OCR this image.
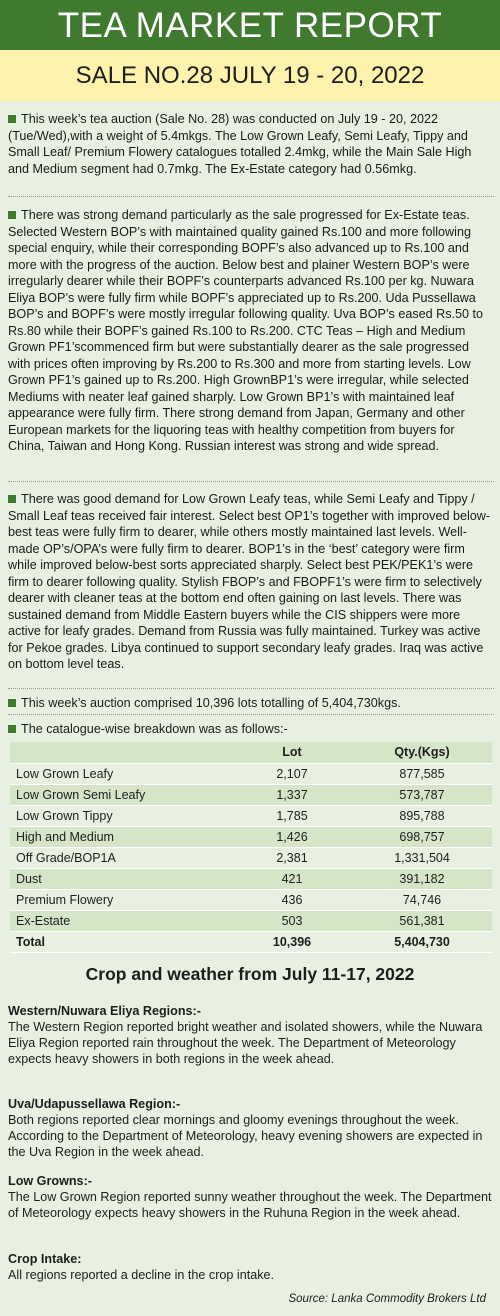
TEA MARKET REPORT
SALE NO.28 JULY 19 - 20, 2022
This week’s tea auction (Sale No. 28) was conducted on July 19 - 20, 2022 (Tue/Wed),with a weight of 5.4mkgs. The Low Grown Leafy, Semi Leafy, Tippy and Small Leaf/ Premium Flowery catalogues totalled 2.4mkg, while the Main Sale High and Medium segment had 0.7mkg. The Ex-Estate category had 0.56mkg.
There was strong demand particularly as the sale progressed for Ex-Estate teas. Selected Western BOP’s with maintained quality gained Rs.100 and more following special enquiry, while their corresponding BOPF’s also advanced up to Rs.100 and more with the progress of the auction. Below best and plainer Western BOP’s were irregularly dearer while their BOPF’s counterparts advanced Rs.100 per kg. Nuwara Eliya BOP’s were fully firm while BOPF’s appreciated up to Rs.200. Uda Pussellawa BOP’s and BOPF’s were mostly irregular following quality. Uva BOP’s eased Rs.50 to Rs.80 while their BOPF’s gained Rs.100 to Rs.200. CTC Teas – High and Medium Grown PF1’scommenced firm but were substantially dearer as the sale progressed with prices often improving by Rs.200 to Rs.300 and more from starting levels. Low Grown PF1’s gained up to Rs.200. High GrownBP1’s were irregular, while selected Mediums with neater leaf gained sharply. Low Grown BP1’s with maintained leaf appearance were fully firm. There strong demand from Japan, Germany and other European markets for the liquoring teas with healthy competition from buyers for China, Taiwan and Hong Kong. Russian interest was strong and wide spread.
There was good demand for Low Grown Leafy teas, while Semi Leafy and Tippy / Small Leaf teas received fair interest. Select best OP1’s together with improved below-best teas were fully firm to dearer, while others mostly maintained last levels. Well-made OP’s/OPA’s were fully firm to dearer. BOP1’s in the ‘best’ category were firm while improved below-best sorts appreciated sharply. Select best PEK/PEK1’s were firm to dearer following quality. Stylish FBOP’s and FBOPF1’s were firm to selectively dearer with cleaner teas at the bottom end often gaining on last levels. There was sustained demand from Middle Eastern buyers while the CIS shippers were more active for leafy grades. Demand from Russia was fully maintained. Turkey was active for Pekoe grades. Libya continued to support secondary leafy grades. Iraq was active on bottom level teas.
This week’s auction comprised 10,396 lots totalling of 5,404,730kgs.
The catalogue-wise breakdown was as follows:-
	Lot	Qty.(Kgs)
Low Grown Leafy	2,107	877,585
Low Grown Semi Leafy	1,337	573,787
Low Grown Tippy	1,785	895,788
High and Medium	1,426	698,757
Off Grade/BOP1A	2,381	1,331,504
Dust	421	391,182
Premium Flowery	436	74,746
Ex-Estate	503	561,381
Total	10,396	5,404,730
Crop and weather from July 11-17, 2022
Western/Nuwara Eliya Regions:-
The Western Region reported bright weather and isolated showers, while the Nuwara Eliya Region reported rain throughout the week. The Department of Meteorology expects heavy showers in both regions in the week ahead.
Uva/Udapussellawa Region:-
Both regions reported clear mornings and gloomy evenings throughout the week. According to the Department of Meteorology, heavy evening showers are expected in the Uva Region in the week ahead.
Low Growns:-
The Low Grown Region reported sunny weather throughout the week. The Department of Meteorology expects heavy showers in the Ruhuna Region in the week ahead.
Crop Intake:
All regions reported a decline in the crop intake.
Source: Lanka Commodity Brokers Ltd
